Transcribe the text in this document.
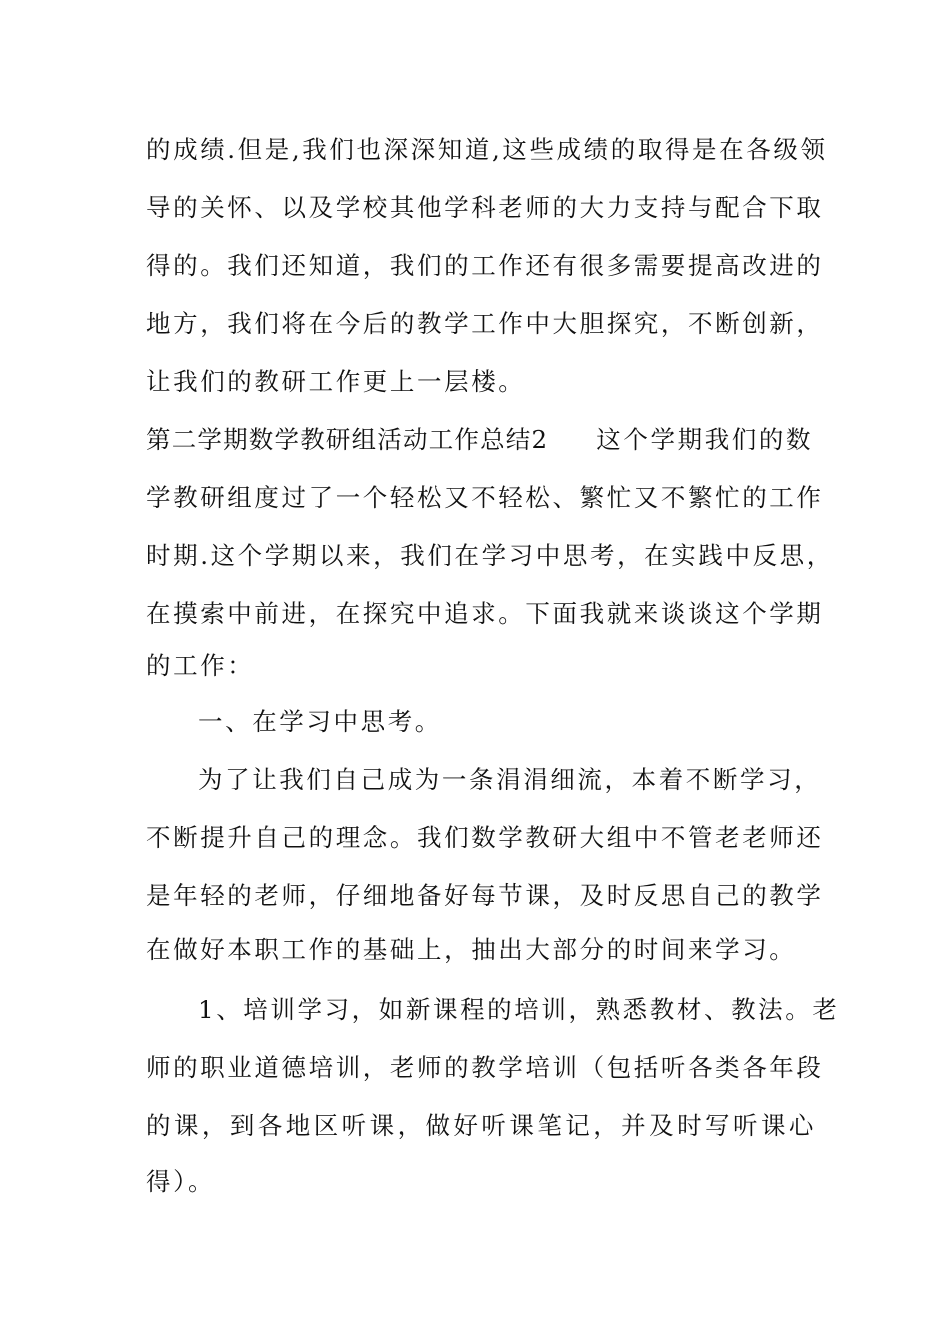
的成绩.但是,我们也深深知道,这些成绩的取得是在各级领
导的关怀、以及学校其他学科老师的大力支持与配合下取
得的。我们还知道，我们的工作还有很多需要提高改进的
地方，我们将在今后的教学工作中大胆探究，不断创新，
让我们的教研工作更上一层楼。
第二学期数学教研组活动工作总结2 这个学期我们的数
学教研组度过了一个轻松又不轻松、繁忙又不繁忙的工作
时期.这个学期以来，我们在学习中思考，在实践中反思，
在摸索中前进，在探究中追求。下面我就来谈谈这个学期
的工作：
一、在学习中思考。
为了让我们自己成为一条涓涓细流，本着不断学习，
不断提升自己的理念。我们数学教研大组中不管老老师还
是年轻的老师，仔细地备好每节课，及时反思自己的教学
在做好本职工作的基础上，抽出大部分的时间来学习。
1、培训学习，如新课程的培训，熟悉教材、教法。老
师的职业道德培训，老师的教学培训（包括听各类各年段
的课，到各地区听课，做好听课笔记，并及时写听课心
得）。
